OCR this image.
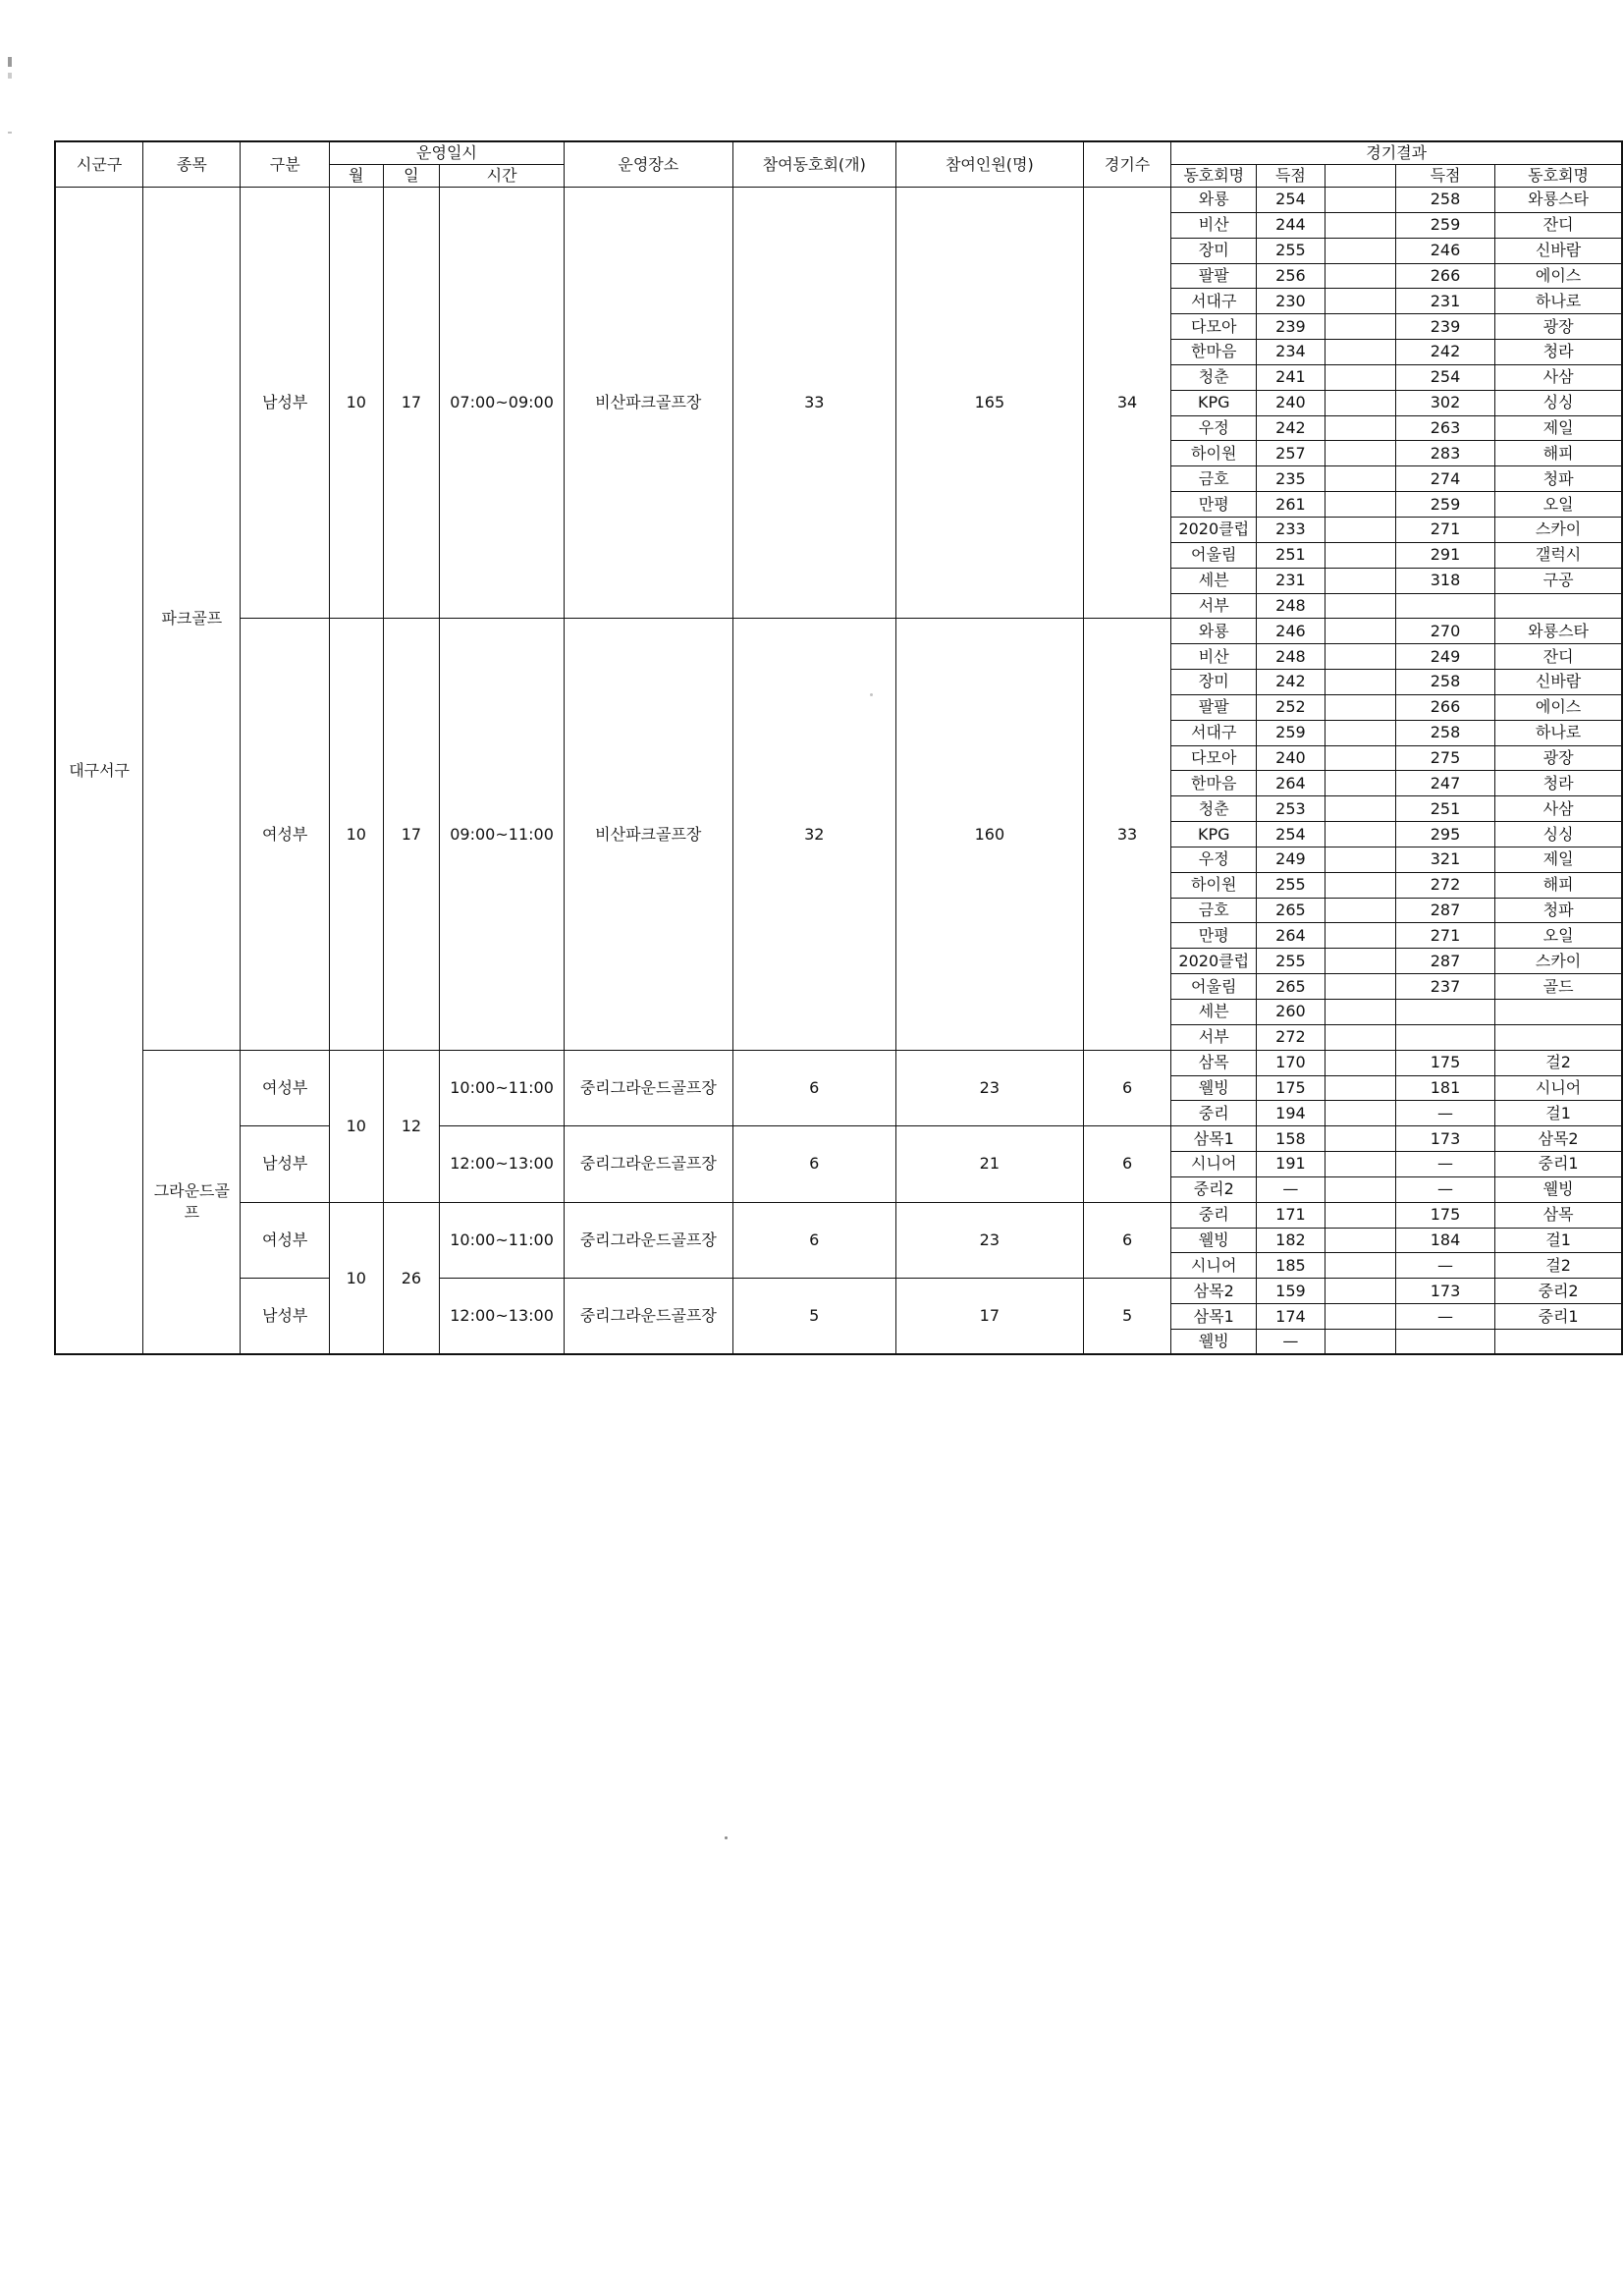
시군구	종목	구분	운영일시			운영장소	참여동호회(개)	참여인원(명)	경기수	경기결과				
			월	일	시간					동호회명	득점		득점	동호회명
대구서구	파크골프	남성부	10	17	07:00~09:00	비산파크골프장	33	165	34	와룡	254		258	와룡스타
										비산	244		259	잔디
										장미	255		246	신바람
										팔팔	256		266	에이스
										서대구	230		231	하나로
										다모아	239		239	광장
										한마음	234		242	청라
										청춘	241		254	사삼
										KPG	240		302	싱싱
										우정	242		263	제일
										하이원	257		283	해피
										금호	235		274	청파
										만평	261		259	오일
										2020클럽	233		271	스카이
										어울림	251		291	갤럭시
										세븐	231		318	구공
										서부	248			
		여성부	10	17	09:00~11:00	비산파크골프장	32	160	33	와룡	246		270	와룡스타
										비산	248		249	잔디
										장미	242		258	신바람
										팔팔	252		266	에이스
										서대구	259		258	하나로
										다모아	240		275	광장
										한마음	264		247	청라
										청춘	253		251	사삼
										KPG	254		295	싱싱
										우정	249		321	제일
										하이원	255		272	해피
										금호	265		287	청파
										만평	264		271	오일
										2020클럽	255		287	스카이
										어울림	265		237	골드
										세븐	260			
										서부	272			
	그라운드골프	여성부	10	12	10:00~11:00	중리그라운드골프장	6	23	6	삼목	170		175	걸2
										웰빙	175		181	시니어
										중리	194		—	걸1
		남성부			12:00~13:00	중리그라운드골프장	6	21	6	삼목1	158		173	삼목2
										시니어	191		—	중리1
										중리2	—		—	웰빙
		여성부	10	26	10:00~11:00	중리그라운드골프장	6	23	6	중리	171		175	삼목
										웰빙	182		184	걸1
										시니어	185		—	걸2
		남성부			12:00~13:00	중리그라운드골프장	5	17	5	삼목2	159		173	중리2
										삼목1	174		—	중리1
										웰빙	—			
